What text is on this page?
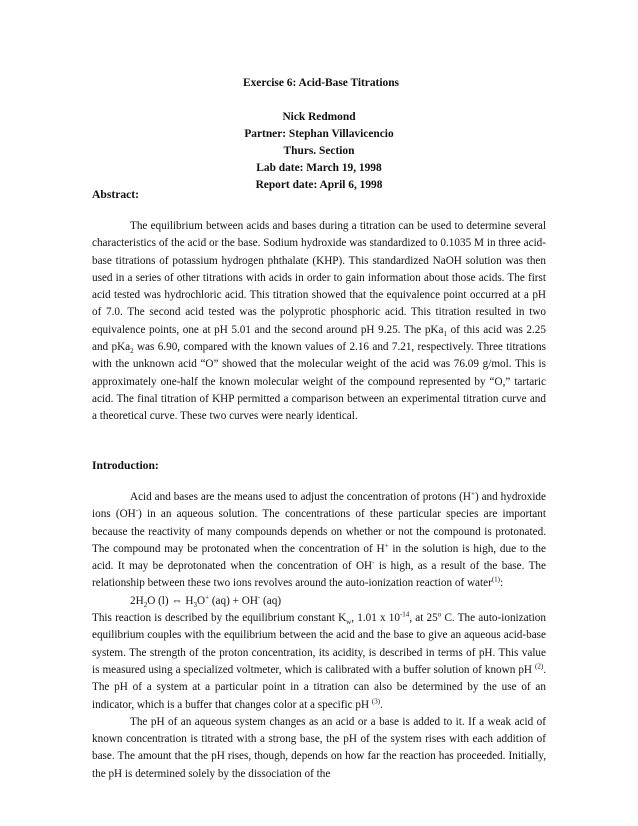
Exercise 6: Acid-Base Titrations
Nick Redmond
Partner: Stephan Villavicencio
Thurs. Section
Lab date: March 19, 1998
Report date: April 6, 1998
Abstract:

The equilibrium between acids and bases during a titration can be used to determine several characteristics of the acid or the base. Sodium hydroxide was standardized to 0.1035 M in three acid-base titrations of potassium hydrogen phthalate (KHP). This standardized NaOH solution was then used in a series of other titrations with acids in order to gain information about those acids. The first acid tested was hydrochloric acid. This titration showed that the equivalence point occurred at a pH of 7.0. The second acid tested was the polyprotic phosphoric acid. This titration resulted in two equivalence points, one at pH 5.01 and the second around pH 9.25. The pKa$_1$ of this acid was 2.25 and pKa$_2$ was 6.90, compared with the known values of 2.16 and 7.21, respectively. Three titrations with the unknown acid “O” showed that the molecular weight of the acid was 76.09 g/mol. This is approximately one-half the known molecular weight of the compound represented by “O,” tartaric acid. The final titration of KHP permitted a comparison between an experimental titration curve and a theoretical curve. These two curves were nearly identical.

Introduction:

Acid and bases are the means used to adjust the concentration of protons (H+) and hydroxide ions (OH-) in an aqueous solution. The concentrations of these particular species are important because the reactivity of many compounds depends on whether or not the compound is protonated. The compound may be protonated when the concentration of H+ in the solution is high, due to the acid. It may be deprotonated when the concentration of OH- is high, as a result of the base. The relationship between these two ions revolves around the auto-ionization reaction of water$^{(1)}$:

$2H_2O$ (l) ⇔ $H_3O^+$ (aq) + OH- (aq)

This reaction is described by the equilibrium constant $K_w$, 1.01 x $10^{-14}$, at 25$^o$ C. The auto-ionization equilibrium couples with the equilibrium between the acid and the base to give an aqueous acid-base system. The strength of the proton concentration, its acidity, is described in terms of pH. This value is measured using a specialized voltmeter, which is calibrated with a buffer solution of known pH $^{(2)}$. The pH of a system at a particular point in a titration can also be determined by the use of an indicator, which is a buffer that changes color at a specific pH $^{(3)}$.

The pH of an aqueous system changes as an acid or a base is added to it. If a weak acid of known concentration is titrated with a strong base, the pH of the system rises with each addition of base. The amount that the pH rises, though, depends on how far the reaction has proceeded. Initially, the pH is determined solely by the dissociation of the
